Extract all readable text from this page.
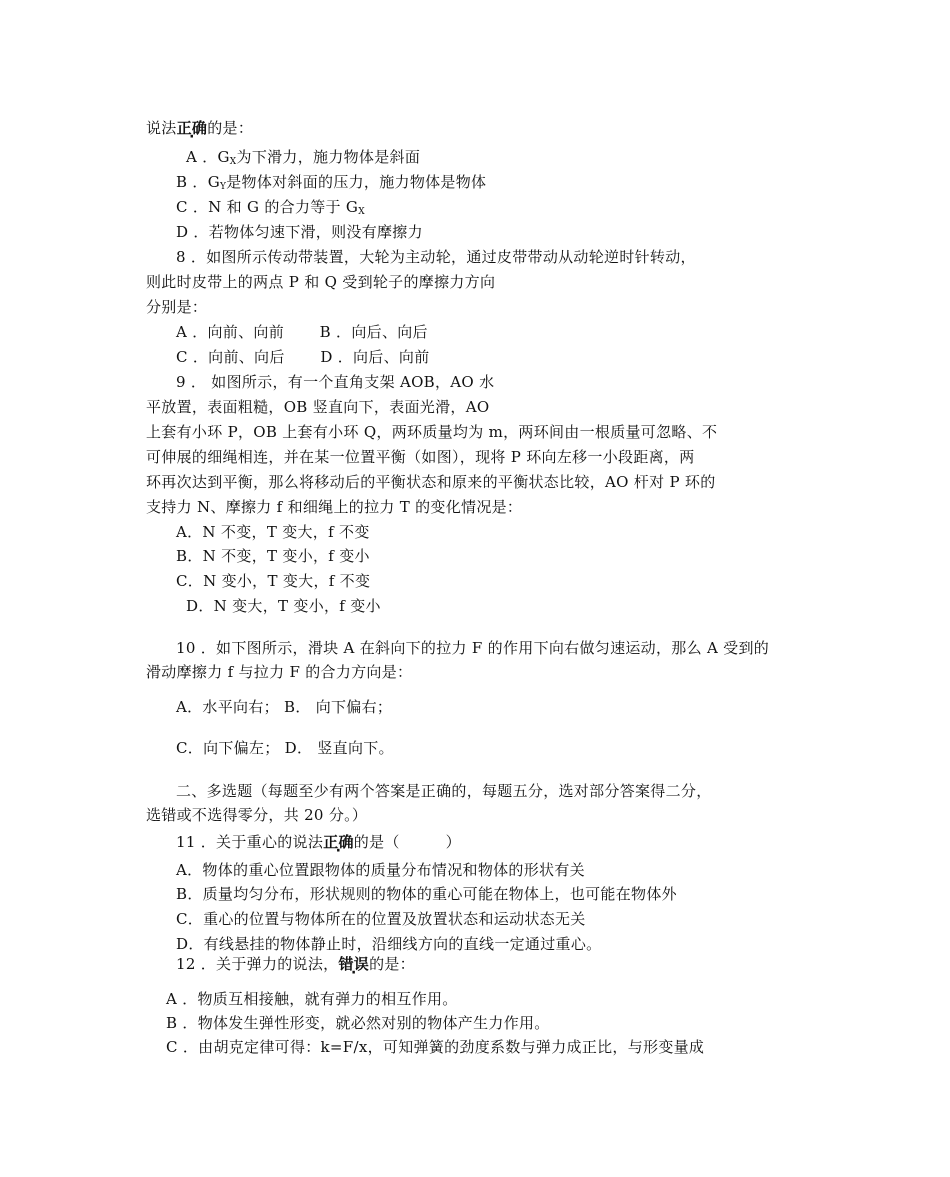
说法正确的是：
A ．$G_X$为下滑力，施力物体是斜面
B ．$G_Y$是物体对斜面的压力，施力物体是物体
C ．N 和 G 的合力等于 $G_X$
D ．若物体匀速下滑，则没有摩擦力
8 ．如图所示传动带装置，大轮为主动轮，通过皮带带动从动轮逆时针转动，
则此时皮带上的两点 P 和 Q 受到轮子的摩擦力方向
分别是：
A ．向前、向前　　 B ．向后、向后
C ．向前、向后　　 D ．向后、向前
9 ． 如图所示，有一个直角支架 AOB，AO 水
平放置，表面粗糙，OB 竖直向下，表面光滑，AO
上套有小环 P，OB 上套有小环 Q，两环质量均为 m，两环间由一根质量可忽略、不
可伸展的细绳相连，并在某一位置平衡（如图），现将 P 环向左移一小段距离，两
环再次达到平衡，那么将移动后的平衡状态和原来的平衡状态比较，AO 杆对 P 环的
支持力 N、摩擦力 f 和细绳上的拉力 T 的变化情况是：
A．N 不变，T 变大，f 不变
B．N 不变，T 变小，f 变小
C．N 变小，T 变大，f 不变
D．N 变大，T 变小，f 变小
10 ．如下图所示，滑块 A 在斜向下的拉力 F 的作用下向右做匀速运动，那么 A 受到的
滑动摩擦力 f 与拉力 F 的合力方向是：
A．水平向右； B． 向下偏右；
C．向下偏左； D． 竖直向下。
二、多选题（每题至少有两个答案是正确的，每题五分，选对部分答案得二分，
选错或不选得零分，共 20 分。）
11 ．关于重心的说法正确的是（　　　）
A．物体的重心位置跟物体的质量分布情况和物体的形状有关
B．质量均匀分布，形状规则的物体的重心可能在物体上，也可能在物体外
C．重心的位置与物体所在的位置及放置状态和运动状态无关
D．有线悬挂的物体静止时，沿细线方向的直线一定通过重心。
12 ．关于弹力的说法，错误的是：
A ．物质互相接触，就有弹力的相互作用。
B ．物体发生弹性形变，就必然对别的物体产生力作用。
C ．由胡克定律可得：k=F/x，可知弹簧的劲度系数与弹力成正比，与形变量成
